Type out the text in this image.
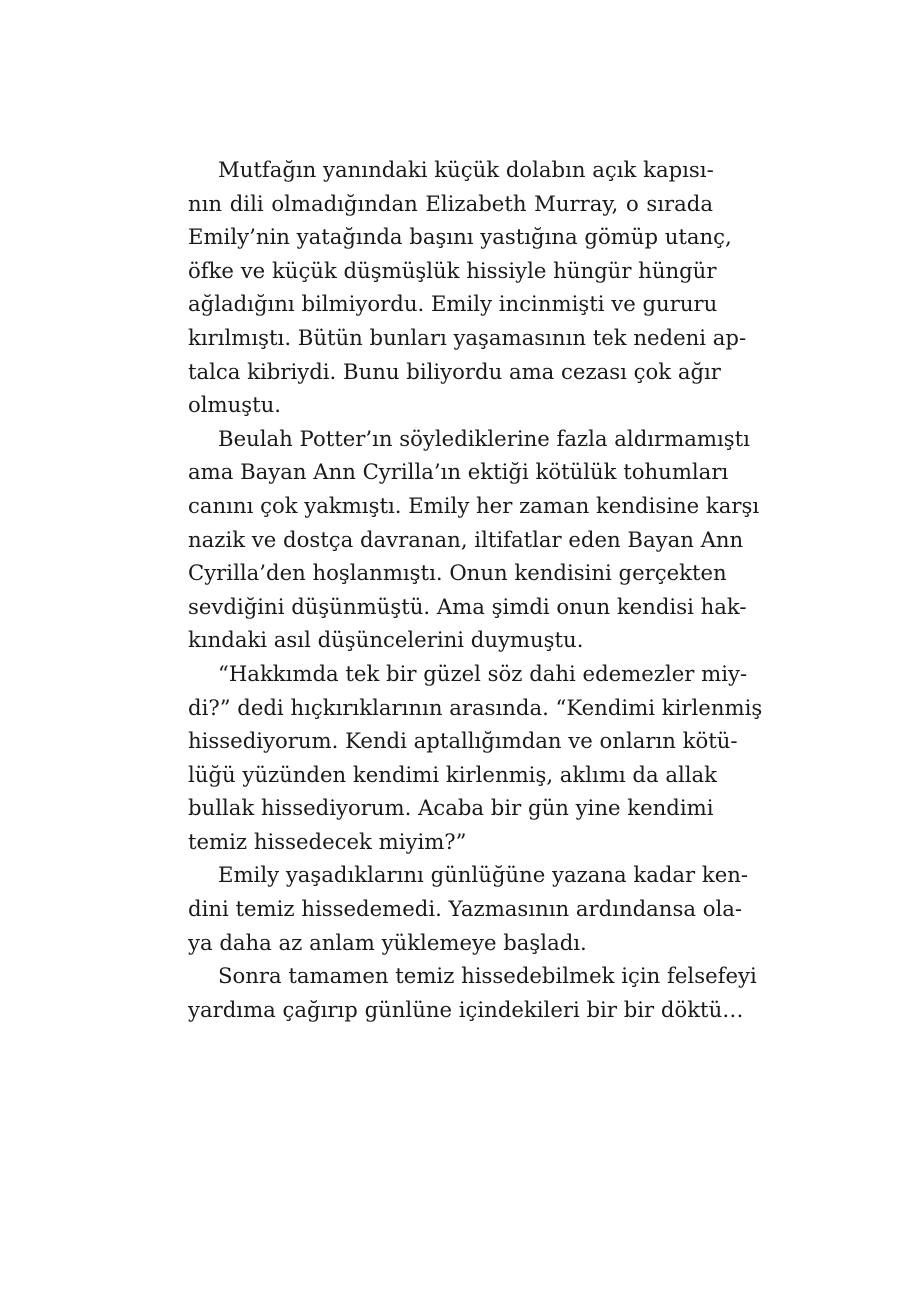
Mutfağın yanındaki küçük dolabın açık kapısı-
nın dili olmadığından Elizabeth Murray, o sırada
Emily’nin yatağında başını yastığına gömüp utanç,
öfke ve küçük düşmüşlük hissiyle hüngür hüngür
ağladığını bilmiyordu. Emily incinmişti ve gururu
kırılmıştı. Bütün bunları yaşamasının tek nedeni ap-
talca kibriydi. Bunu biliyordu ama cezası çok ağır
olmuştu.
Beulah Potter’ın söylediklerine fazla aldırmamıştı
ama Bayan Ann Cyrilla’ın ektiği kötülük tohumları
canını çok yakmıştı. Emily her zaman kendisine karşı
nazik ve dostça davranan, iltifatlar eden Bayan Ann
Cyrilla’den hoşlanmıştı. Onun kendisini gerçekten
sevdiğini düşünmüştü. Ama şimdi onun kendisi hak-
kındaki asıl düşüncelerini duymuştu.
“Hakkımda tek bir güzel söz dahi edemezler miy-
di?” dedi hıçkırıklarının arasında. “Kendimi kirlenmiş
hissediyorum. Kendi aptallığımdan ve onların kötü-
lüğü yüzünden kendimi kirlenmiş, aklımı da allak
bullak hissediyorum. Acaba bir gün yine kendimi
temiz hissedecek miyim?”
Emily yaşadıklarını günlüğüne yazana kadar ken-
dini temiz hissedemedi. Yazmasının ardındansa ola-
ya daha az anlam yüklemeye başladı.
Sonra tamamen temiz hissedebilmek için felsefeyi
yardıma çağırıp günlüne içindekileri bir bir döktü…
